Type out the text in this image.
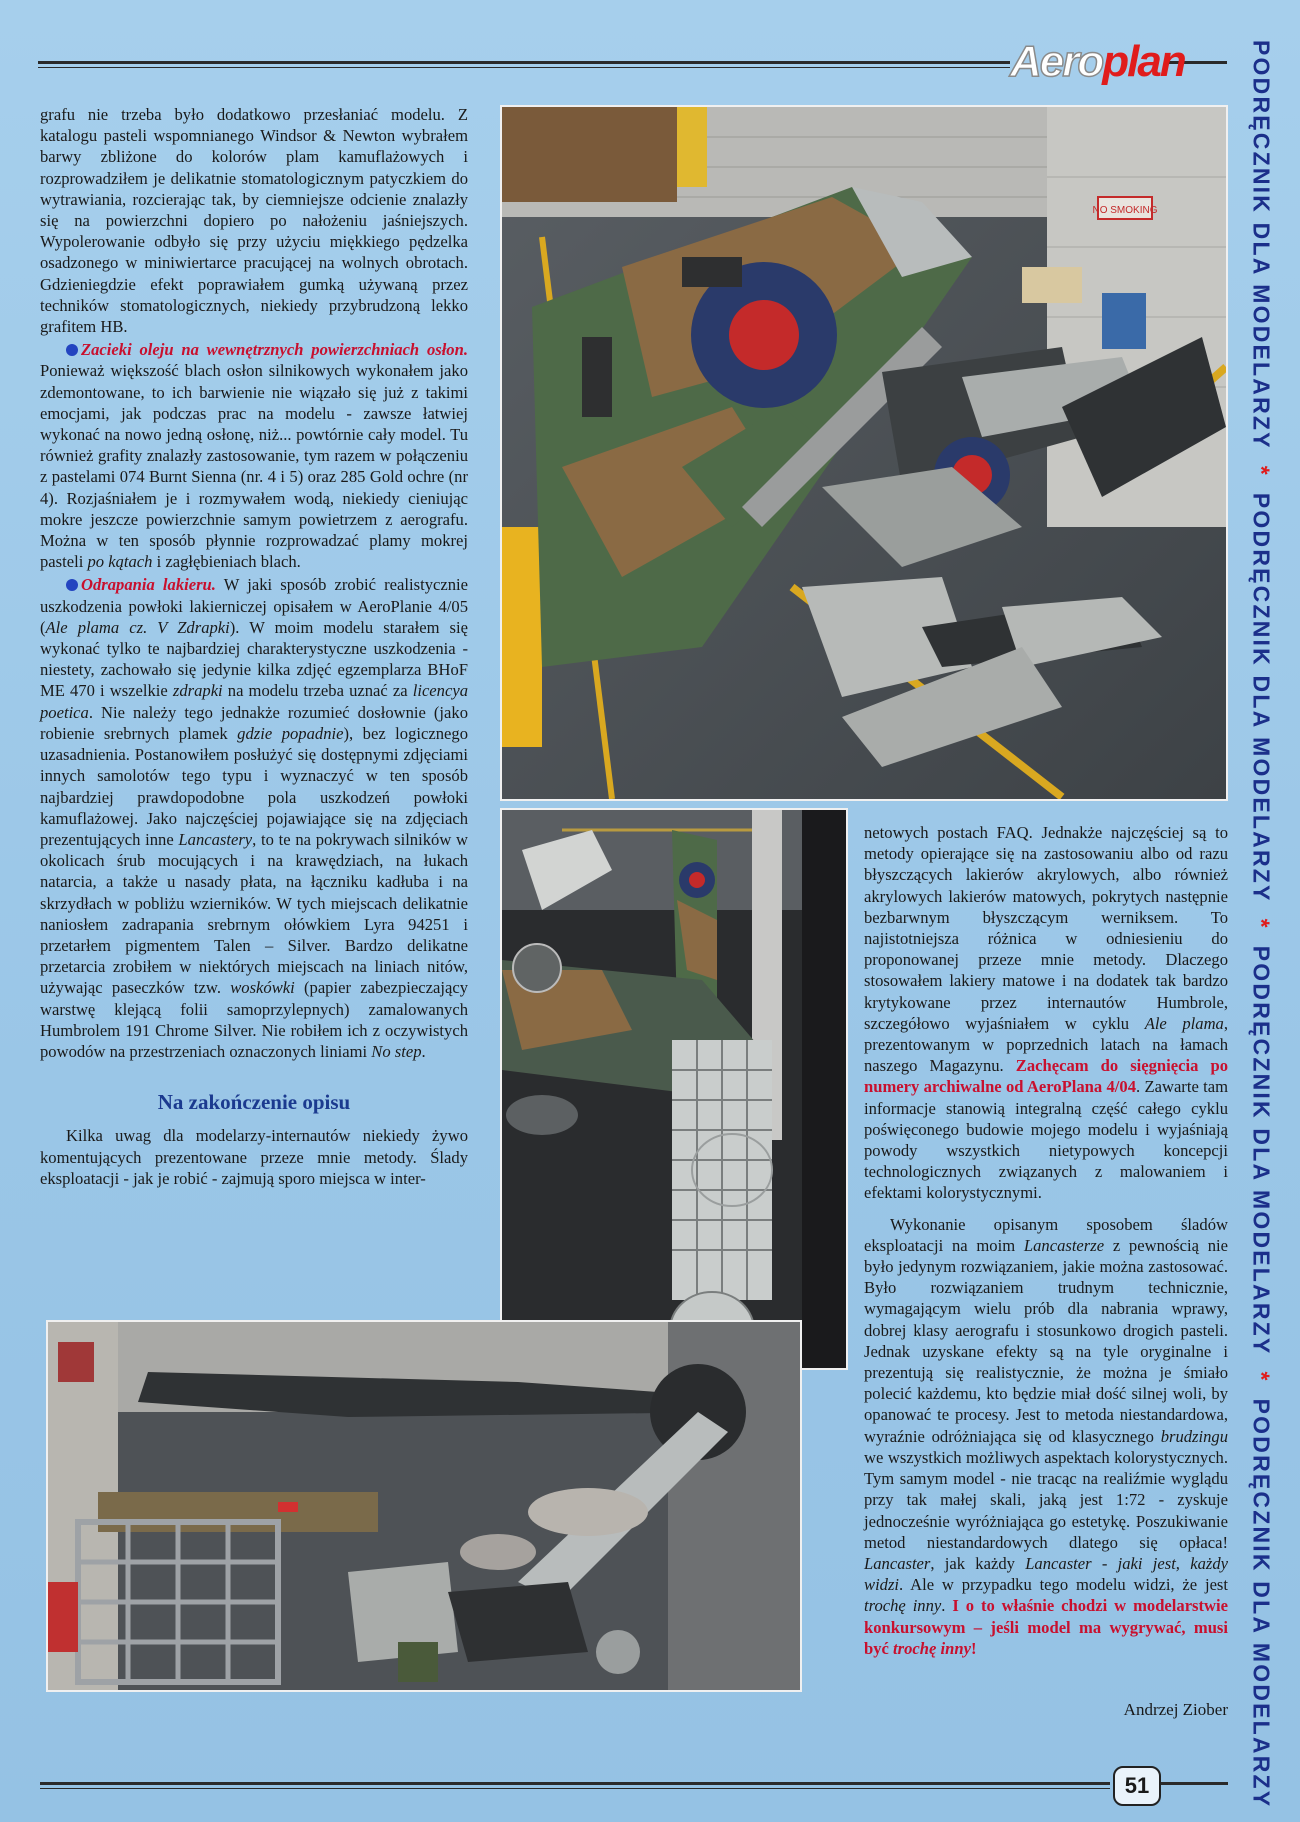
Aeroplan	PODRĘCZNIK DLA MODELARZY*PODRĘCZNIK DLA MODELARZY*PODRĘCZNIK DLA MODELARZY*PODRĘCZNIK DLA MODELARZY

grafu nie trzeba było dodatkowo przesłaniać modelu. Z katalogu pasteli wspomnianego Windsor & Newton wybrałem barwy zbliżone do kolorów plam kamuflażowych i rozprowadziłem je delikatnie stomatologicznym patyczkiem do wytrawiania, rozcierając tak, by ciemniejsze odcienie znalazły się na powierzchni dopiero po nałożeniu jaśniejszych. Wypolerowanie odbyło się przy użyciu miękkiego pędzelka osadzonego w miniwiertarce pracującej na wolnych obrotach. Gdzieniegdzie efekt poprawiałem gumką używaną przez techników stomatologicznych, niekiedy przybrudzoną lekko grafitem HB.

Zacieki oleju na wewnętrznych powierzchniach osłon. Ponieważ większość blach osłon silnikowych wykonałem jako zdemontowane, to ich barwienie nie wiązało się już z takimi emocjami, jak podczas prac na modelu - zawsze łatwiej wykonać na nowo jedną osłonę, niż... powtórnie cały model. Tu również grafity znalazły zastosowanie, tym razem w połączeniu z pastelami 074 Burnt Sienna (nr. 4 i 5) oraz 285 Gold ochre (nr 4). Rozjaśniałem je i rozmywałem wodą, niekiedy cieniując mokre jeszcze powierzchnie samym powietrzem z aerografu. Można w ten sposób płynnie rozprowadzać plamy mokrej pasteli po kątach i zagłębieniach blach.

Odrapania lakieru. W jaki sposób zrobić realistycznie uszkodzenia powłoki lakierniczej opisałem w AeroPlanie 4/05 (Ale plama cz. V Zdrapki). W moim modelu starałem się wykonać tylko te najbardziej charakterystyczne uszkodzenia - niestety, zachowało się jedynie kilka zdjęć egzemplarza BHoF ME 470 i wszelkie zdrapki na modelu trzeba uznać za licencya poetica. Nie należy tego jednakże rozumieć dosłownie (jako robienie srebrnych plamek gdzie popadnie), bez logicznego uzasadnienia. Postanowiłem posłużyć się dostępnymi zdjęciami innych samolotów tego typu i wyznaczyć w ten sposób najbardziej prawdopodobne pola uszkodzeń powłoki kamuflażowej. Jako najczęściej pojawiające się na zdjęciach prezentujących inne Lancastery, to te na pokrywach silników w okolicach śrub mocujących i na krawędziach, na łukach natarcia, a także u nasady płata, na łączniku kadłuba i na skrzydłach w pobliżu wzierników. W tych miejscach delikatnie naniosłem zadrapania srebrnym ołówkiem Lyra 94251 i przetarłem pigmentem Talen – Silver. Bardzo delikatne przetarcia zrobiłem w niektórych miejscach na liniach nitów, używając paseczków tzw. woskówki (papier zabezpieczający warstwę klejącą folii samoprzylepnych) zamalowanych Humbrolem 191 Chrome Silver. Nie robiłem ich z oczywistych powodów na przestrzeniach oznaczonych liniami No step.

Na zakończenie opisu

Kilka uwag dla modelarzy-internautów niekiedy żywo komentujących prezentowane przeze mnie metody. Ślady eksploatacji - jak je robić - zajmują sporo miejsca w inter-

netowych postach FAQ. Jednakże najczęściej są to metody opierające się na zastosowaniu albo od razu błyszczących lakierów akrylowych, albo również akrylowych lakierów matowych, pokrytych następnie bezbarwnym błyszczącym werniksem. To najistotniejsza różnica w odniesieniu do proponowanej przeze mnie metody. Dlaczego stosowałem lakiery matowe i na dodatek tak bardzo krytykowane przez internautów Humbrole, szczegółowo wyjaśniałem w cyklu Ale plama, prezentowanym w poprzednich latach na łamach naszego Magazynu. Zachęcam do sięgnięcia po numery archiwalne od AeroPlana 4/04. Zawarte tam informacje stanowią integralną część całego cyklu poświęconego budowie mojego modelu i wyjaśniają powody wszystkich nietypowych koncepcji technologicznych związanych z malowaniem i efektami kolorystycznymi.

Wykonanie opisanym sposobem śladów eksploatacji na moim Lancasterze z pewnością nie było jedynym rozwiązaniem, jakie można zastosować. Było rozwiązaniem trudnym technicznie, wymagającym wielu prób dla nabrania wprawy, dobrej klasy aerografu i stosunkowo drogich pasteli. Jednak uzyskane efekty są na tyle oryginalne i prezentują się realistycznie, że można je śmiało polecić każdemu, kto będzie miał dość silnej woli, by opanować te procesy. Jest to metoda niestandardowa, wyraźnie odróżniająca się od klasycznego brudzingu we wszystkich możliwych aspektach kolorystycznych. Tym samym model - nie tracąc na realiźmie wyglądu przy tak małej skali, jaką jest 1:72 - zyskuje jednocześnie wyróżniająca go estetykę. Poszukiwanie metod niestandardowych dlatego się opłaca! Lancaster, jak każdy Lancaster - jaki jest, każdy widzi. Ale w przypadku tego modelu widzi, że jest trochę inny. I o to właśnie chodzi w modelarstwie konkursowym – jeśli model ma wygrywać, musi być trochę inny!

Andrzej Ziober
NO SMOKING
51
